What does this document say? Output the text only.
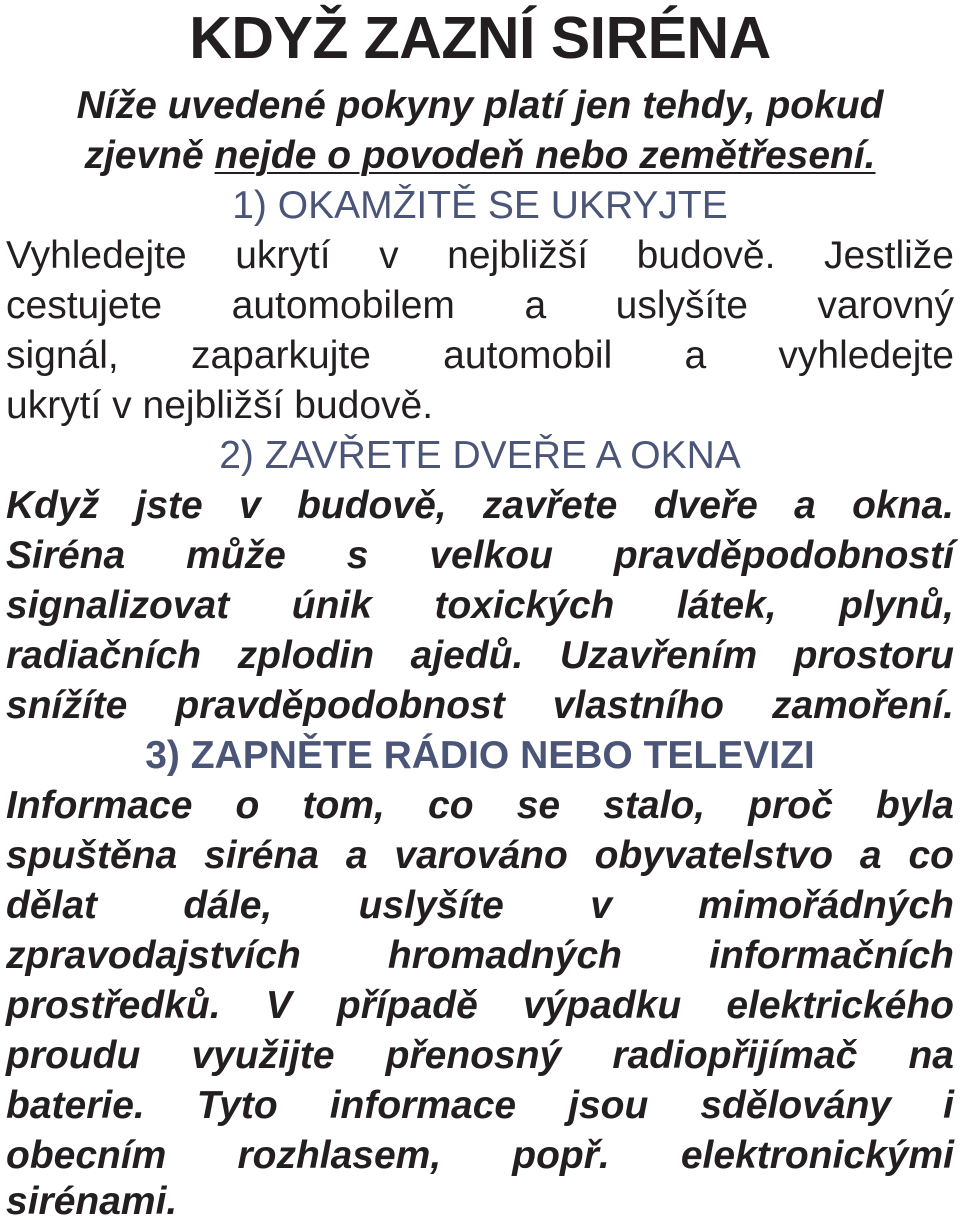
KDYŽ ZAZNÍ SIRÉNA
Níže uvedené pokyny platí jen tehdy, pokud
zjevně nejde o povodeň nebo zemětřesení.
1) OKAMŽITĚ SE UKRYJTE
Vyhledejte ukrytí v nejbližší budově. Jestliže
cestujete automobilem a uslyšíte varovný
signál, zaparkujte automobil a vyhledejte
ukrytí v nejbližší budově.
2) ZAVŘETE DVEŘE A OKNA
Když jste v budově, zavřete dveře a okna.
Siréna může s velkou pravděpodobností
signalizovat únik toxických látek, plynů,
radiačních zplodin ajedů. Uzavřením prostoru
snížíte pravděpodobnost vlastního zamoření.
3) ZAPNĚTE RÁDIO NEBO TELEVIZI
Informace o tom, co se stalo, proč byla
spuštěna siréna a varováno obyvatelstvo a co
dělat dále, uslyšíte v mimořádných
zpravodajstvích hromadných informačních
prostředků. V případě výpadku elektrického
proudu využijte přenosný radiopřijímač na
baterie. Tyto informace jsou sdělovány i
obecním rozhlasem, popř. elektronickými
sirénami.
